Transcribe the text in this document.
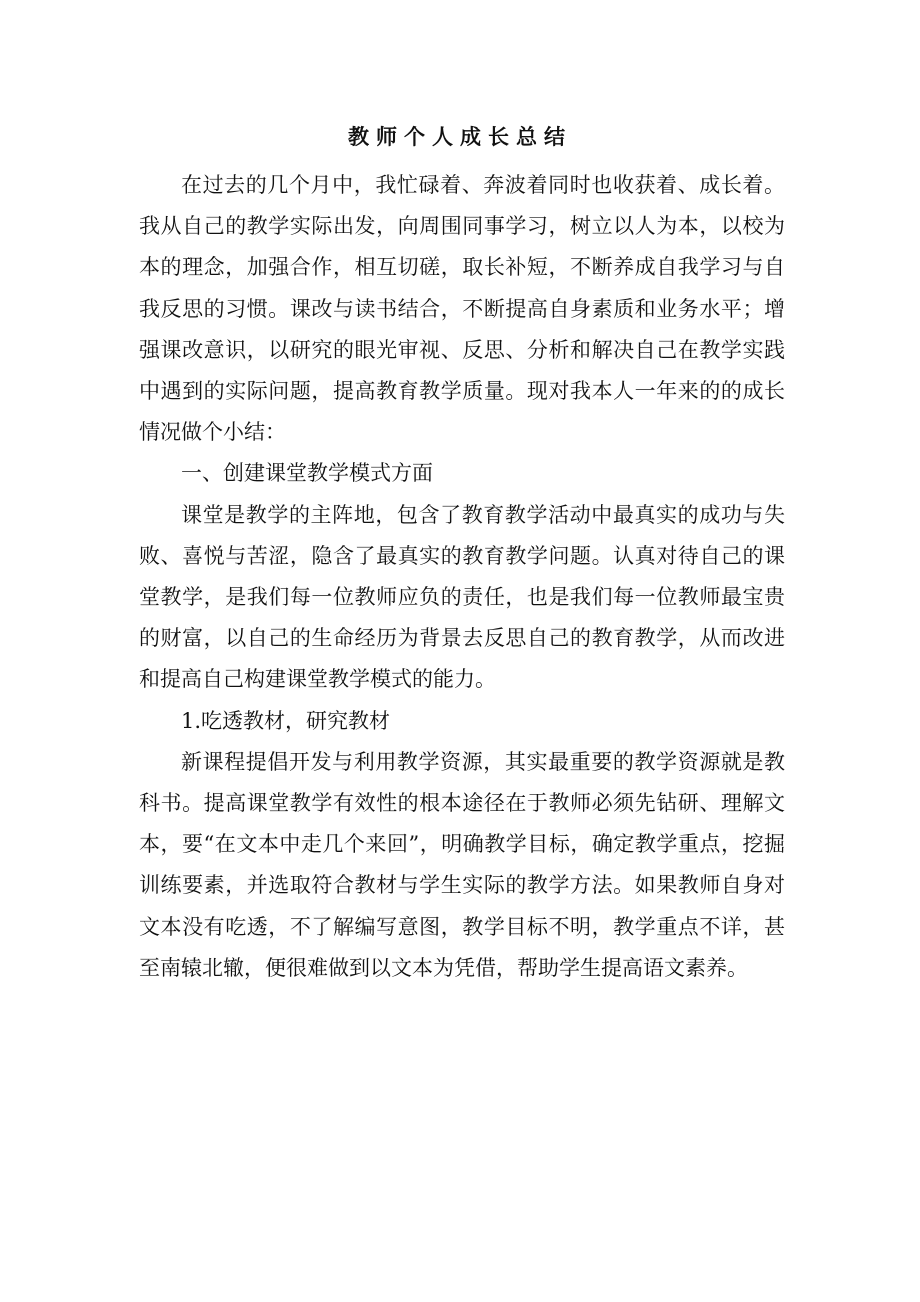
教师个人成长总结

在过去的几个月中，我忙碌着、奔波着同时也收获着、成长着。我从自己的教学实际出发，向周围同事学习，树立以人为本，以校为本的理念，加强合作，相互切磋，取长补短，不断养成自我学习与自我反思的习惯。课改与读书结合，不断提高自身素质和业务水平；增强课改意识，以研究的眼光审视、反思、分析和解决自己在教学实践中遇到的实际问题，提高教育教学质量。现对我本人一年来的的成长情况做个小结：

一、创建课堂教学模式方面

课堂是教学的主阵地，包含了教育教学活动中最真实的成功与失败、喜悦与苦涩，隐含了最真实的教育教学问题。认真对待自己的课堂教学，是我们每一位教师应负的责任，也是我们每一位教师最宝贵的财富，以自己的生命经历为背景去反思自己的教育教学，从而改进和提高自己构建课堂教学模式的能力。

1.吃透教材，研究教材

新课程提倡开发与利用教学资源，其实最重要的教学资源就是教科书。提高课堂教学有效性的根本途径在于教师必须先钻研、理解文本，要“在文本中走几个来回”，明确教学目标，确定教学重点，挖掘训练要素，并选取符合教材与学生实际的教学方法。如果教师自身对文本没有吃透，不了解编写意图，教学目标不明，教学重点不详，甚至南辕北辙，便很难做到以文本为凭借，帮助学生提高语文素养。
